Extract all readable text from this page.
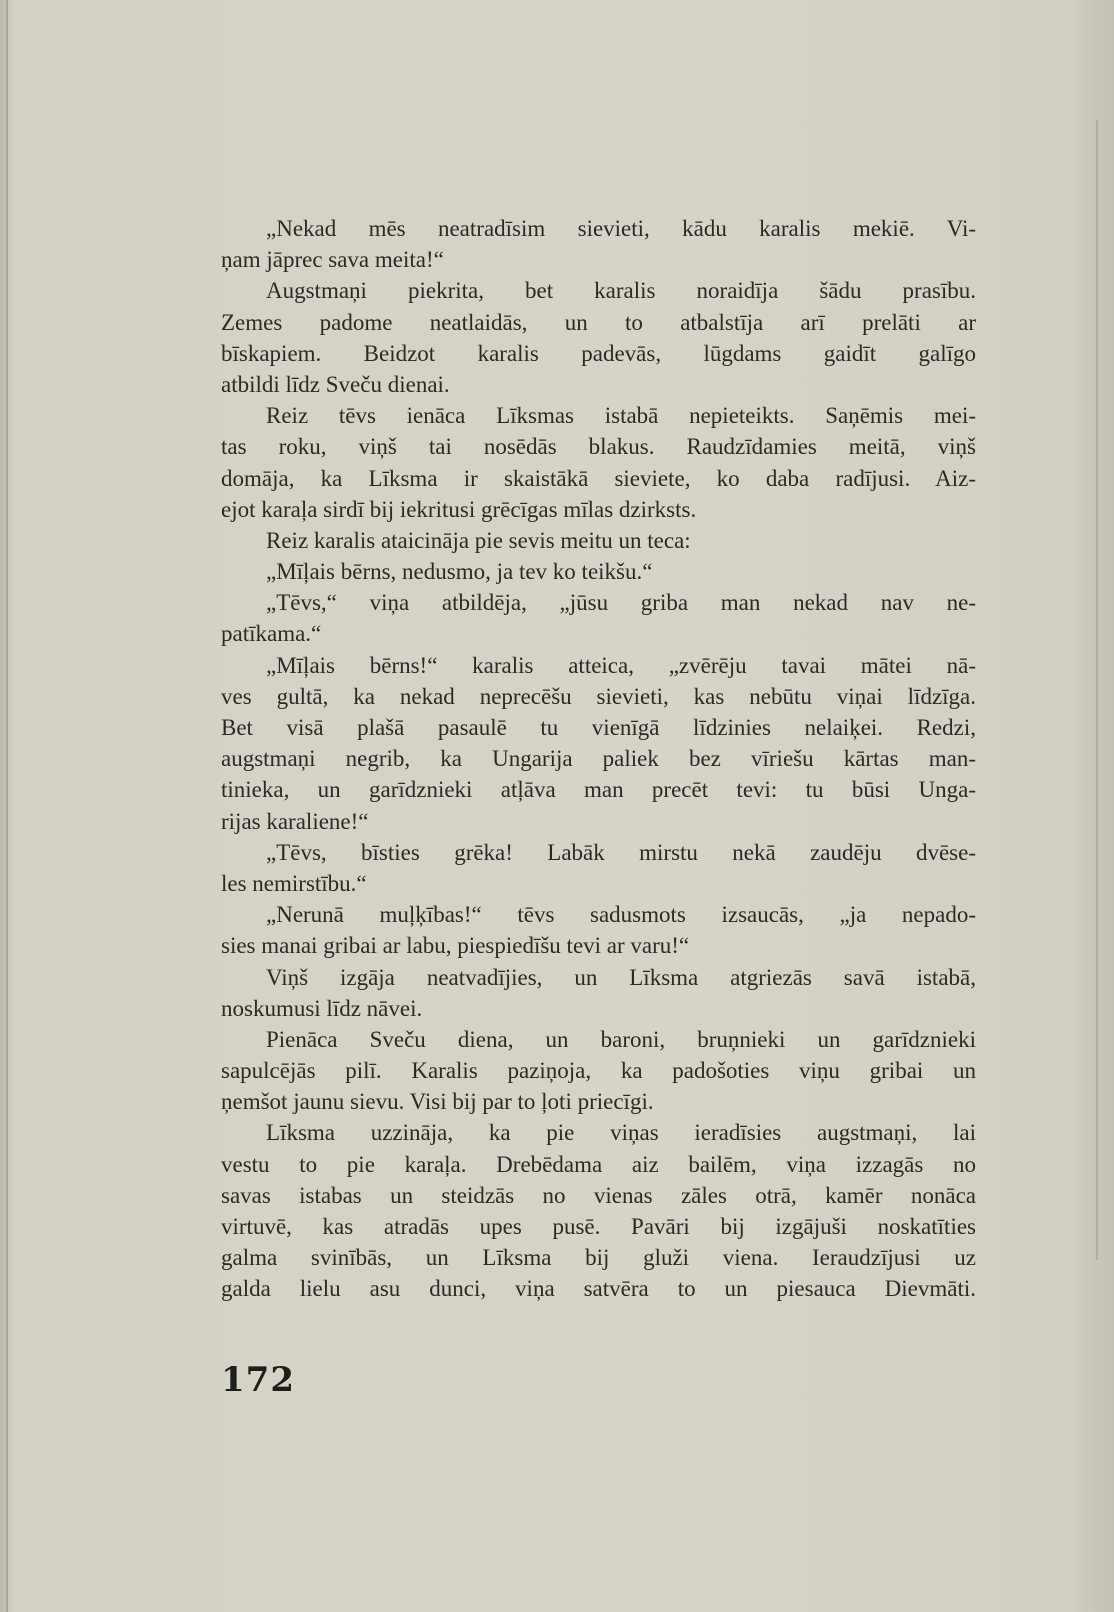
„Nekad mēs neatradīsim sievieti, kādu karalis mekiē. Vi-
ņam jāprec sava meita!“
Augstmaņi piekrita, bet karalis noraidīja šādu prasību.
Zemes padome neatlaidās, un to atbalstīja arī prelāti ar
bīskapiem. Beidzot karalis padevās, lūgdams gaidīt galīgo
atbildi līdz Sveču dienai.
Reiz tēvs ienāca Līksmas istabā nepieteikts. Saņēmis mei-
tas roku, viņš tai nosēdās blakus. Raudzīdamies meitā, viņš
domāja, ka Līksma ir skaistākā sieviete, ko daba radījusi. Aiz-
ejot karaļa sirdī bij iekritusi grēcīgas mīlas dzirksts.
Reiz karalis ataicināja pie sevis meitu un teca:
„Mīļais bērns, nedusmo, ja tev ko teikšu.“
„Tēvs,“ viņa atbildēja, „jūsu griba man nekad nav ne-
patīkama.“
„Mīļais bērns!“ karalis atteica, „zvērēju tavai mātei nā-
ves gultā, ka nekad neprecēšu sievieti, kas nebūtu viņai līdzīga.
Bet visā plašā pasaulē tu vienīgā līdzinies nelaiķei. Redzi,
augstmaņi negrib, ka Ungarija paliek bez vīriešu kārtas man-
tinieka, un garīdznieki atļāva man precēt tevi: tu būsi Unga-
rijas karaliene!“
„Tēvs, bīsties grēka! Labāk mirstu nekā zaudēju dvēse-
les nemirstību.“
„Nerunā muļķības!“ tēvs sadusmots izsaucās, „ja nepado-
sies manai gribai ar labu, piespiedīšu tevi ar varu!“
Viņš izgāja neatvadījies, un Līksma atgriezās savā istabā,
noskumusi līdz nāvei.
Pienāca Sveču diena, un baroni, bruņnieki un garīdznieki
sapulcējās pilī. Karalis paziņoja, ka padošoties viņu gribai un
ņemšot jaunu sievu. Visi bij par to ļoti priecīgi.
Līksma uzzināja, ka pie viņas ieradīsies augstmaņi, lai
vestu to pie karaļa. Drebēdama aiz bailēm, viņa izzagās no
savas istabas un steidzās no vienas zāles otrā, kamēr nonāca
virtuvē, kas atradās upes pusē. Pavāri bij izgājuši noskatīties
galma svinībās, un Līksma bij gluži viena. Ieraudzījusi uz
galda lielu asu dunci, viņa satvēra to un piesauca Dievmāti.
172
